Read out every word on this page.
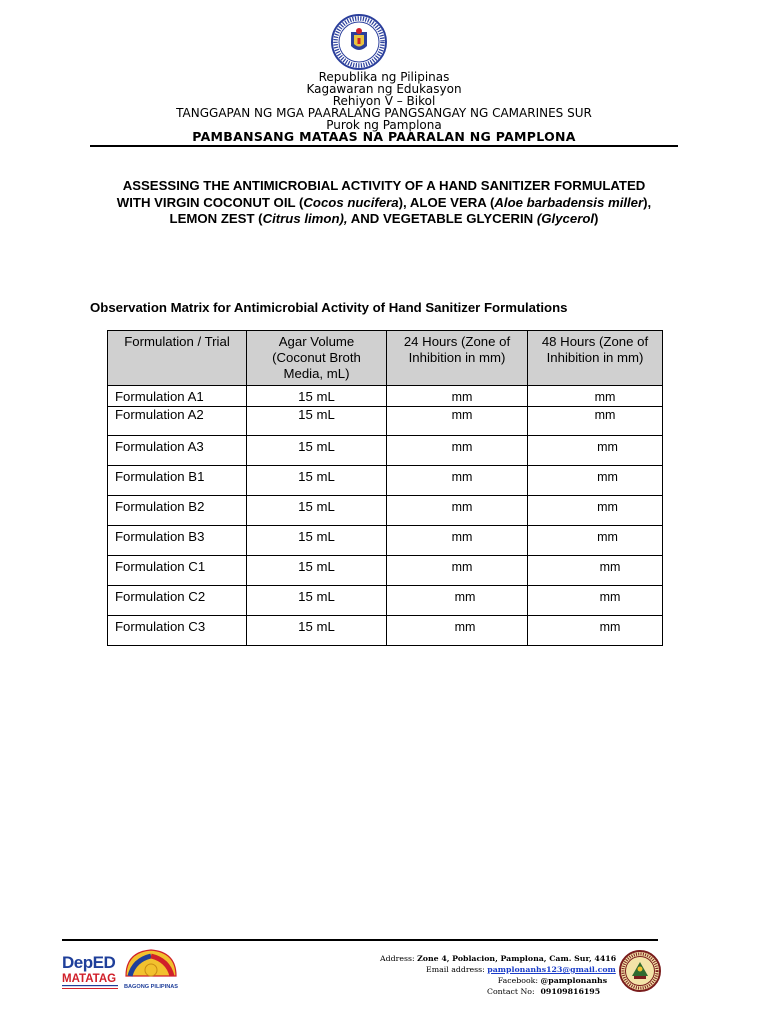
Republika ng Pilipinas
Kagawaran ng Edukasyon
Rehiyon V – Bikol
TANGGAPAN NG MGA PAARALANG PANGSANGAY NG CAMARINES SUR
Purok ng Pamplona
PAMBANSANG MATAAS NA PAARALAN NG PAMPLONA
ASSESSING THE ANTIMICROBIAL ACTIVITY OF A HAND SANITIZER FORMULATED
WITH VIRGIN COCONUT OIL (Cocos nucifera), ALOE VERA (Aloe barbadensis miller),
LEMON ZEST (Citrus limon), AND VEGETABLE GLYCERIN (Glycerol)
Observation Matrix for Antimicrobial Activity of Hand Sanitizer Formulations
Formulation / Trial	Agar Volume (Coconut Broth Media, mL)	24 Hours (Zone of Inhibition in mm)	48 Hours (Zone of Inhibition in mm)
Formulation A1	15 mL	mm	mm
Formulation A2	15 mL	mm	mm
Formulation A3	15 mL	mm	mm
Formulation B1	15 mL	mm	mm
Formulation B2	15 mL	mm	mm
Formulation B3	15 mL	mm	mm
Formulation C1	15 mL	mm	mm
Formulation C2	15 mL	mm	mm
Formulation C3	15 mL	mm	mm
DepED
MATATAG
BAGONG PILIPINAS
Address: Zone 4, Poblacion, Pamplona, Cam. Sur, 4416
Email address: pamplonanhs123@gmail.com
Facebook: @pamplonanhs
Contact No: 09109816195
